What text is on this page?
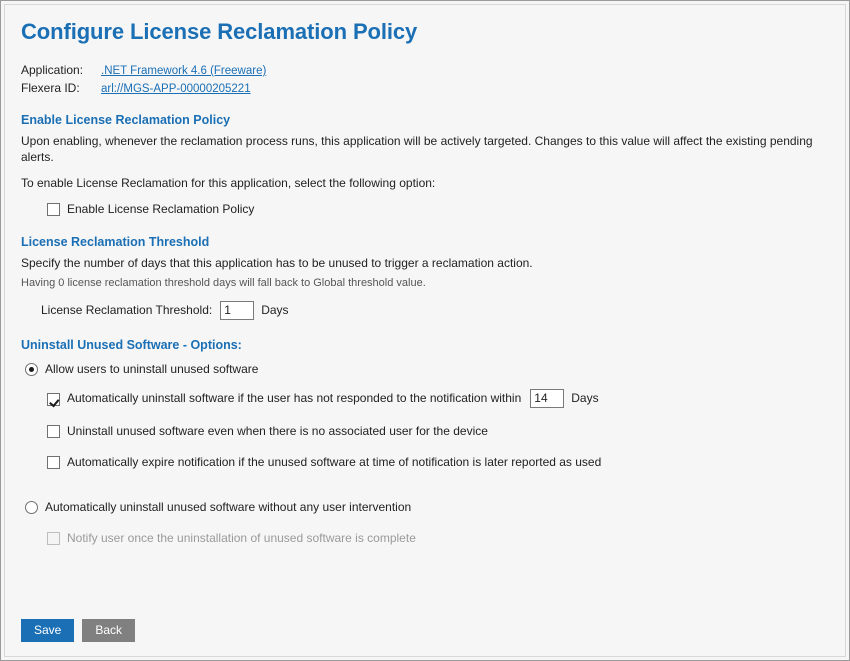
Configure License Reclamation Policy
Application:	.NET Framework 4.6 (Freeware)
Flexera ID:	arl://MGS-APP-00000205221
Enable License Reclamation Policy
Upon enabling, whenever the reclamation process runs, this application will be actively targeted. Changes to this value will affect the existing pending alerts.
To enable License Reclamation for this application, select the following option:
Enable License Reclamation Policy
License Reclamation Threshold
Specify the number of days that this application has to be unused to trigger a reclamation action.
Having 0 license reclamation threshold days will fall back to Global threshold value.
License Reclamation Threshold:
1	Days
Uninstall Unused Software - Options:
Allow users to uninstall unused software
Automatically uninstall software if the user has not responded to the notification within
14	Days
Uninstall unused software even when there is no associated user for the device
Automatically expire notification if the unused software at time of notification is later reported as used
Automatically uninstall unused software without any user intervention
Notify user once the uninstallation of unused software is complete
Save	Back
